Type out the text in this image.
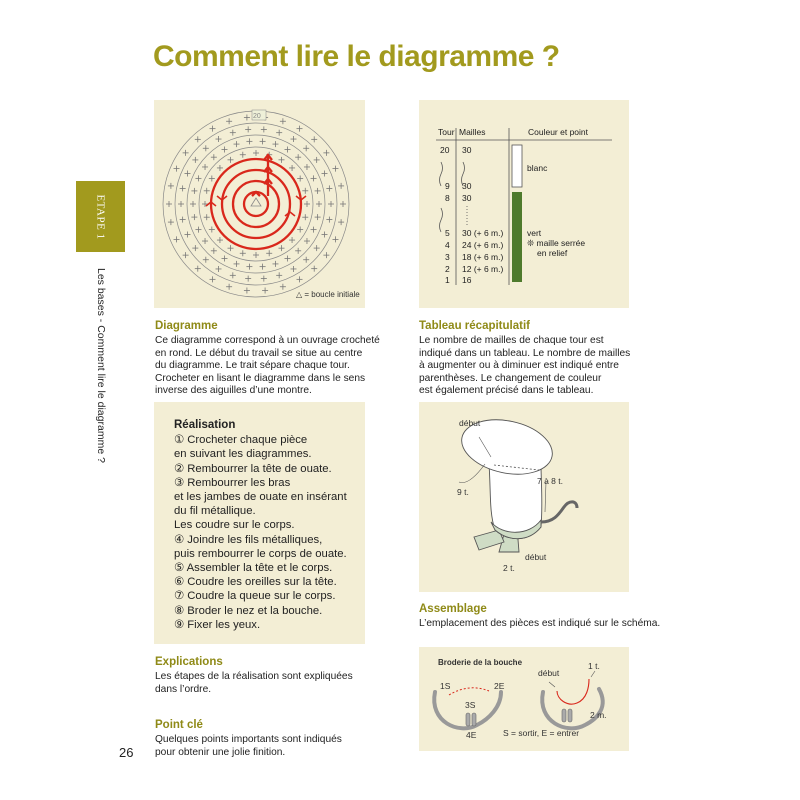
Comment lire le diagramme ?
ETAPE 1
Les bases - Comment lire le diagramme ?
26
20
△ = boucle initiale
Diagramme
Ce diagramme correspond à un ouvrage crocheté
en rond. Le début du travail se situe au centre
du diagramme. Le trait sépare chaque tour.
Crocheter en lisant le diagramme dans le sens
inverse des aiguilles d’une montre.
Tour Mailles	Couleur et point
20 30
9 30
8 30
5 30 (+ 6 m.)
4 24 (+ 6 m.)
3 18 (+ 6 m.)
2 12 (+ 6 m.)
1 16
blanc
vert
❊ maille serrée
en relief
Tableau récapitulatif
Le nombre de mailles de chaque tour est
indiqué dans un tableau. Le nombre de mailles
à augmenter ou à diminuer est indiqué entre
parenthèses. Le changement de couleur
est également précisé dans le tableau.
Réalisation
① Crocheter chaque pièce
en suivant les diagrammes.
② Rembourrer la tête de ouate.
③ Rembourrer les bras
et les jambes de ouate en insérant
du fil métallique.
Les coudre sur le corps.
④ Joindre les fils métalliques,
puis rembourrer le corps de ouate.
⑤ Assembler la tête et le corps.
⑥ Coudre les oreilles sur la tête.
⑦ Coudre la queue sur le corps.
⑧ Broder le nez et la bouche.
⑨ Fixer les yeux.
début
9 t.
7 à 8 t.
début
2 t.
Assemblage
L’emplacement des pièces est indiqué sur le schéma.
Explications
Les étapes de la réalisation sont expliquées
dans l’ordre.
Point clé
Quelques points importants sont indiqués
pour obtenir une jolie finition.
Broderie de la bouche
1S	2E
3S
4E
début
1 t.
2 m.
S = sortir, E = entrer
